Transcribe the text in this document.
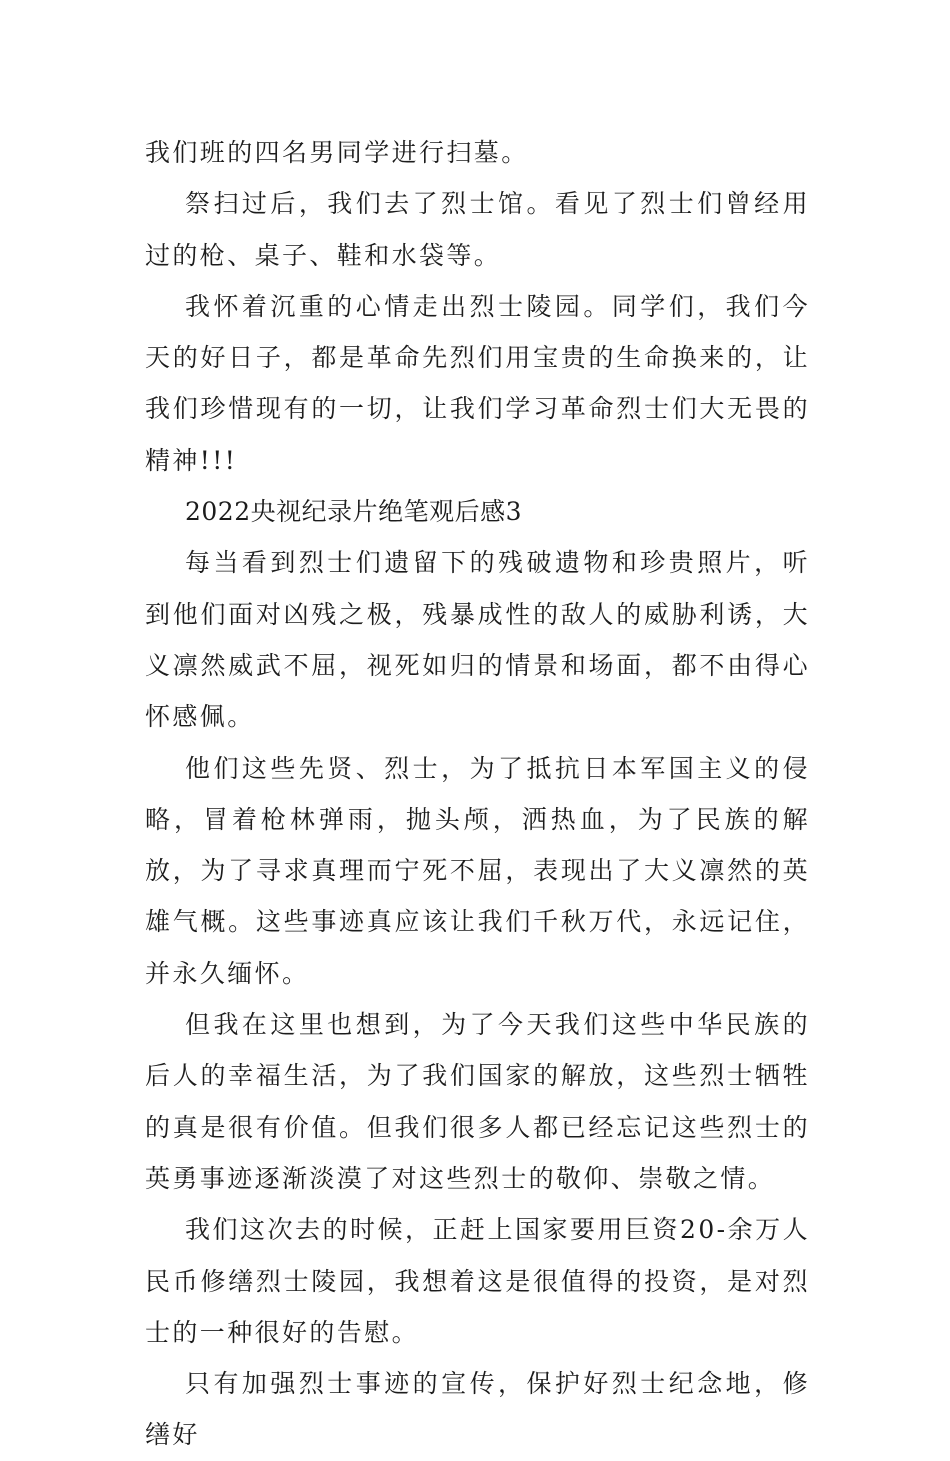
我们班的四名男同学进行扫墓。

祭扫过后，我们去了烈士馆。看见了烈士们曾经用过的枪、桌子、鞋和水袋等。

我怀着沉重的心情走出烈士陵园。同学们，我们今天的好日子，都是革命先烈们用宝贵的生命换来的，让我们珍惜现有的一切，让我们学习革命烈士们大无畏的精神!!!

2022央视纪录片绝笔观后感3

每当看到烈士们遗留下的残破遗物和珍贵照片，听到他们面对凶残之极，残暴成性的敌人的威胁利诱，大义凛然威武不屈，视死如归的情景和场面，都不由得心怀感佩。

他们这些先贤、烈士，为了抵抗日本军国主义的侵略，冒着枪林弹雨，抛头颅，洒热血，为了民族的解放，为了寻求真理而宁死不屈，表现出了大义凛然的英雄气概。这些事迹真应该让我们千秋万代，永远记住，并永久缅怀。

但我在这里也想到，为了今天我们这些中华民族的后人的幸福生活，为了我们国家的解放，这些烈士牺牲的真是很有价值。但我们很多人都已经忘记这些烈士的英勇事迹逐渐淡漠了对这些烈士的敬仰、崇敬之情。

我们这次去的时候，正赶上国家要用巨资20-余万人民币修缮烈士陵园，我想着这是很值得的投资，是对烈士的一种很好的告慰。

只有加强烈士事迹的宣传，保护好烈士纪念地，修缮好
